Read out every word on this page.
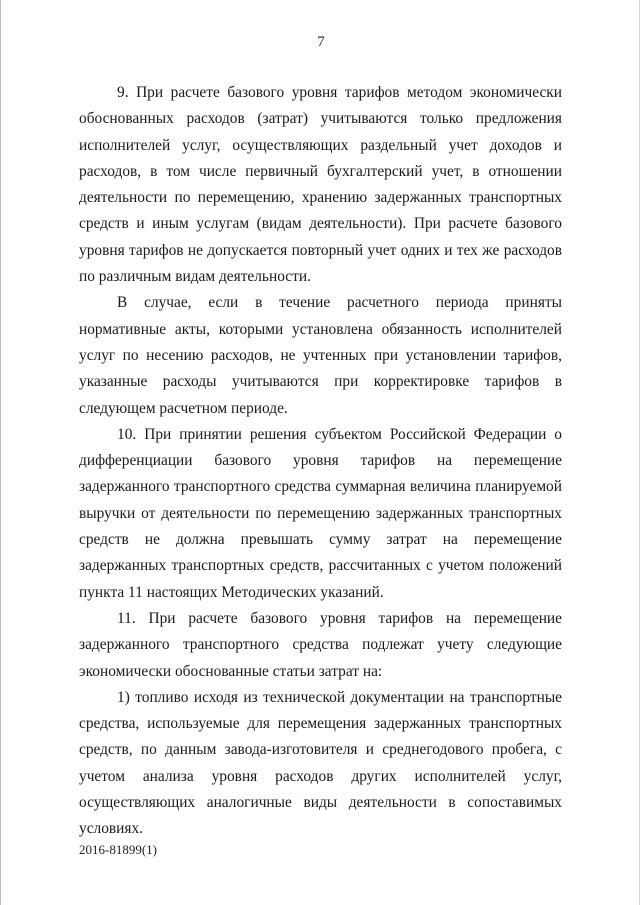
7

9. При расчете базового уровня тарифов методом экономически обоснованных расходов (затрат) учитываются только предложения исполнителей услуг, осуществляющих раздельный учет доходов и расходов, в том числе первичный бухгалтерский учет, в отношении деятельности по перемещению, хранению задержанных транспортных средств и иным услугам (видам деятельности). При расчете базового уровня тарифов не допускается повторный учет одних и тех же расходов по различным видам деятельности.

В случае, если в течение расчетного периода приняты нормативные акты, которыми установлена обязанность исполнителей услуг по несению расходов, не учтенных при установлении тарифов, указанные расходы учитываются при корректировке тарифов в следующем расчетном периоде.

10. При принятии решения субъектом Российской Федерации о дифференциации базового уровня тарифов на перемещение задержанного транспортного средства суммарная величина планируемой выручки от деятельности по перемещению задержанных транспортных средств не должна превышать сумму затрат на перемещение задержанных транспортных средств, рассчитанных с учетом положений пункта 11 настоящих Методических указаний.

11. При расчете базового уровня тарифов на перемещение задержанного транспортного средства подлежат учету следующие экономически обоснованные статьи затрат на:

1) топливо исходя из технической документации на транспортные средства, используемые для перемещения задержанных транспортных средств, по данным завода-изготовителя и среднегодового пробега, с учетом анализа уровня расходов других исполнителей услуг, осуществляющих аналогичные виды деятельности в сопоставимых условиях.

2016-81899(1)
